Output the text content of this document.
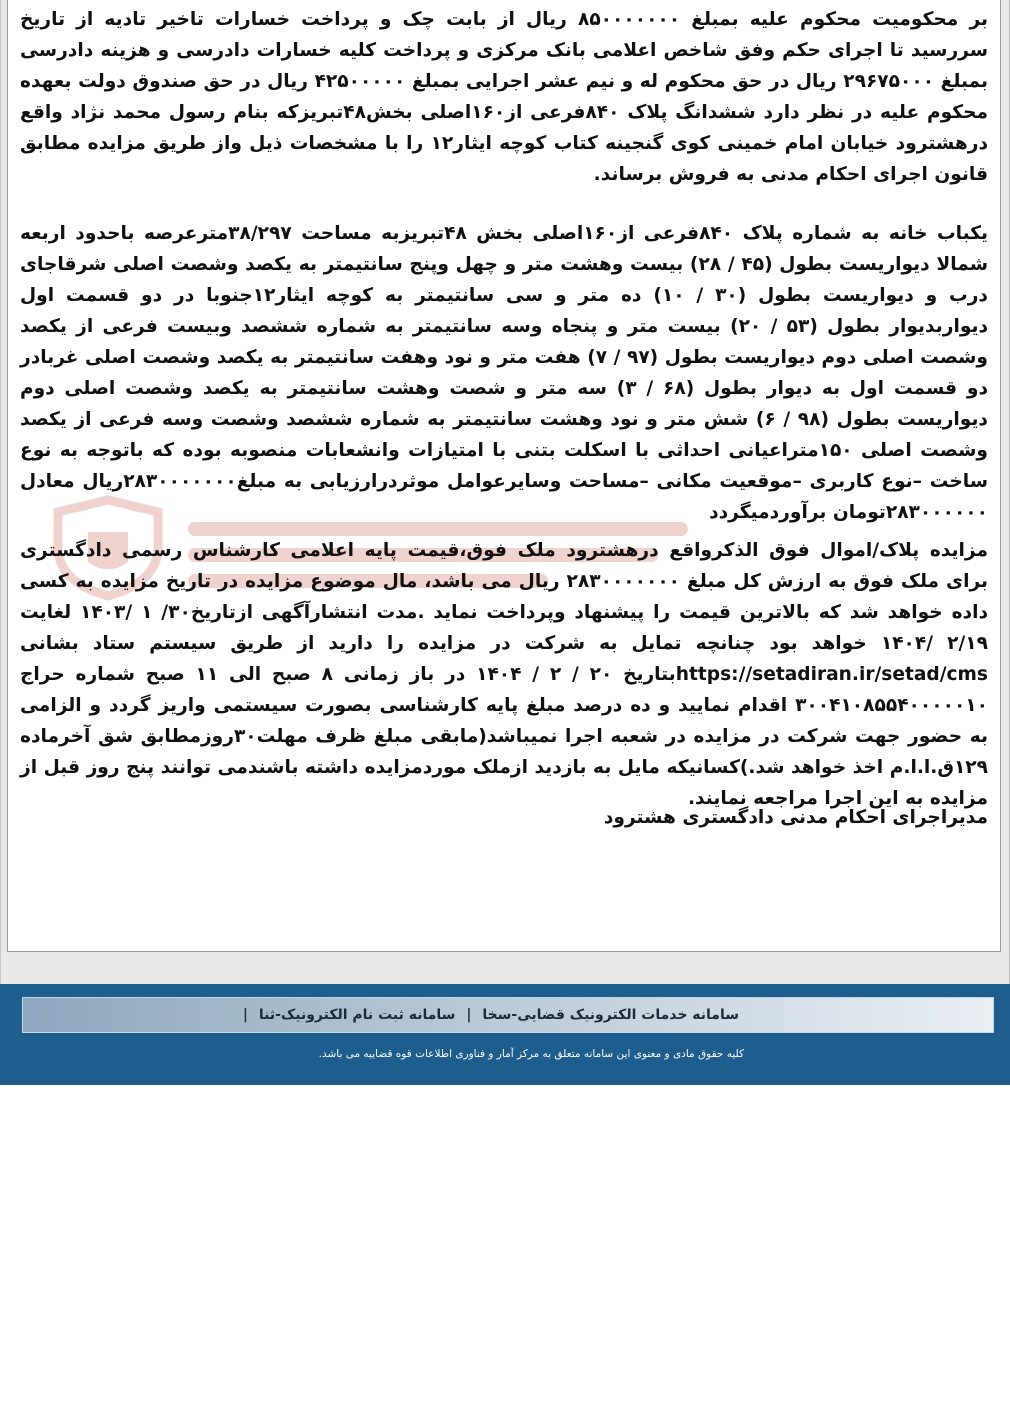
بر محکومیت محکوم علیه بمبلغ ۸۵۰۰۰۰۰۰۰ ریال از بابت چک و پرداخت خسارات تاخیر تادیه از تاریخ سررسید تا اجرای حکم وفق شاخص اعلامی بانک مرکزی و پرداخت کلیه خسارات دادرسی و هزینه دادرسی بمبلغ ۲۹۶۷۵۰۰۰ ریال در حق محکوم له و نیم عشر اجرایی بمبلغ ۴۲۵۰۰۰۰۰ ریال در حق صندوق دولت بعهده محکوم علیه در نظر دارد ششدانگ پلاک ۸۴۰فرعی از۱۶۰اصلی بخش۴۸تبریزکه بنام رسول محمد نژاد واقع درهشترود خیابان امام خمینی کوی گنجینه کتاب کوچه ایثار۱۲ را با مشخصات ذیل واز طریق مزایده مطابق قانون اجرای احکام مدنی به فروش برساند.

یکباب خانه به شماره پلاک ۸۴۰فرعی از۱۶۰اصلی بخش ۴۸تبریزبه مساحت ۳۸/۲۹۷مترعرصه باحدود اربعه شمالا دیواریست بطول (۴۵ / ۲۸) بیست وهشت متر و چهل وپنج سانتیمتر به یکصد وشصت اصلی شرقاجای درب و دیواریست بطول (۳۰ / ۱۰) ده متر و سی سانتیمتر به کوچه ایثار۱۲جنوبا در دو قسمت اول دیواربدیوار بطول (۵۳ / ۲۰) بیست متر و پنجاه وسه سانتیمتر به شماره ششصد وبیست فرعی از یکصد وشصت اصلی دوم دیواریست بطول (۹۷ / ۷) هفت متر و نود وهفت سانتیمتر به یکصد وشصت اصلی غربادر دو قسمت اول به دیوار بطول (۶۸ / ۳) سه متر و شصت وهشت سانتیمتر به یکصد وشصت اصلی دوم دیواریست بطول (۹۸ / ۶) شش متر و نود وهشت سانتیمتر به شماره ششصد وشصت وسه فرعی از یکصد وشصت اصلی ۱۵۰متراعیانی احداثی با اسکلت بتنی با امتیازات وانشعابات منصوبه بوده که باتوجه به نوع ساخت –نوع کاربری –موقعیت مکانی –مساحت وسایرعوامل موثردرارزیابی به مبلغ۲۸۳۰۰۰۰۰۰۰ریال معادل ۲۸۳۰۰۰۰۰۰تومان برآوردمیگردد

مزایده پلاک/اموال فوق الذکرواقع درهشترود ملک فوق،قیمت پایه اعلامی کارشناس رسمی دادگستری برای ملک فوق به ارزش کل مبلغ ۲۸۳۰۰۰۰۰۰۰ ریال می باشد، مال موضوع مزایده در تاریخ مزایده به کسی داده خواهد شد که بالاترین قیمت را پیشنهاد وپرداخت نماید .مدت انتشارآگهی ازتاریخ۳۰/ ۱ /۱۴۰۳ لغایت ۲/۱۹ /۱۴۰۴ خواهد بود چنانچه تمایل به شرکت در مزایده را دارید از طریق سیستم ستاد بشانی https://setadiran.ir/setad/cmsبتاریخ ۲۰ / ۲ / ۱۴۰۴ در باز زمانی ۸ صبح الی ۱۱ صبح شماره حراج ۳۰۰۴۱۰۸۵۵۴۰۰۰۰۰۱۰ اقدام نمایید و ده درصد مبلغ پایه کارشناسی بصورت سیستمی واریز گردد و الزامی به حضور جهت شرکت در مزایده در شعبه اجرا نمیباشد(مابقی مبلغ ظرف مهلت۳۰روزمطابق شق آخرماده ۱۲۹ق.ا.ا.م اخذ خواهد شد.)کسانیکه مایل به بازدید ازملک موردمزایده داشته باشندمی توانند پنج روز قبل از مزایده به این اجرا مراجعه نمایند.

مدیراجرای احکام مدنی دادگستری هشترود

سامانه خدمات الکترونیک قضایی-سخا | سامانه ثبت نام الکترونیک-ثنا |
کلیه حقوق مادی و معنوی این سامانه متعلق به مرکز آمار و فناوری اطلاعات قوه قضاییه می باشد.
